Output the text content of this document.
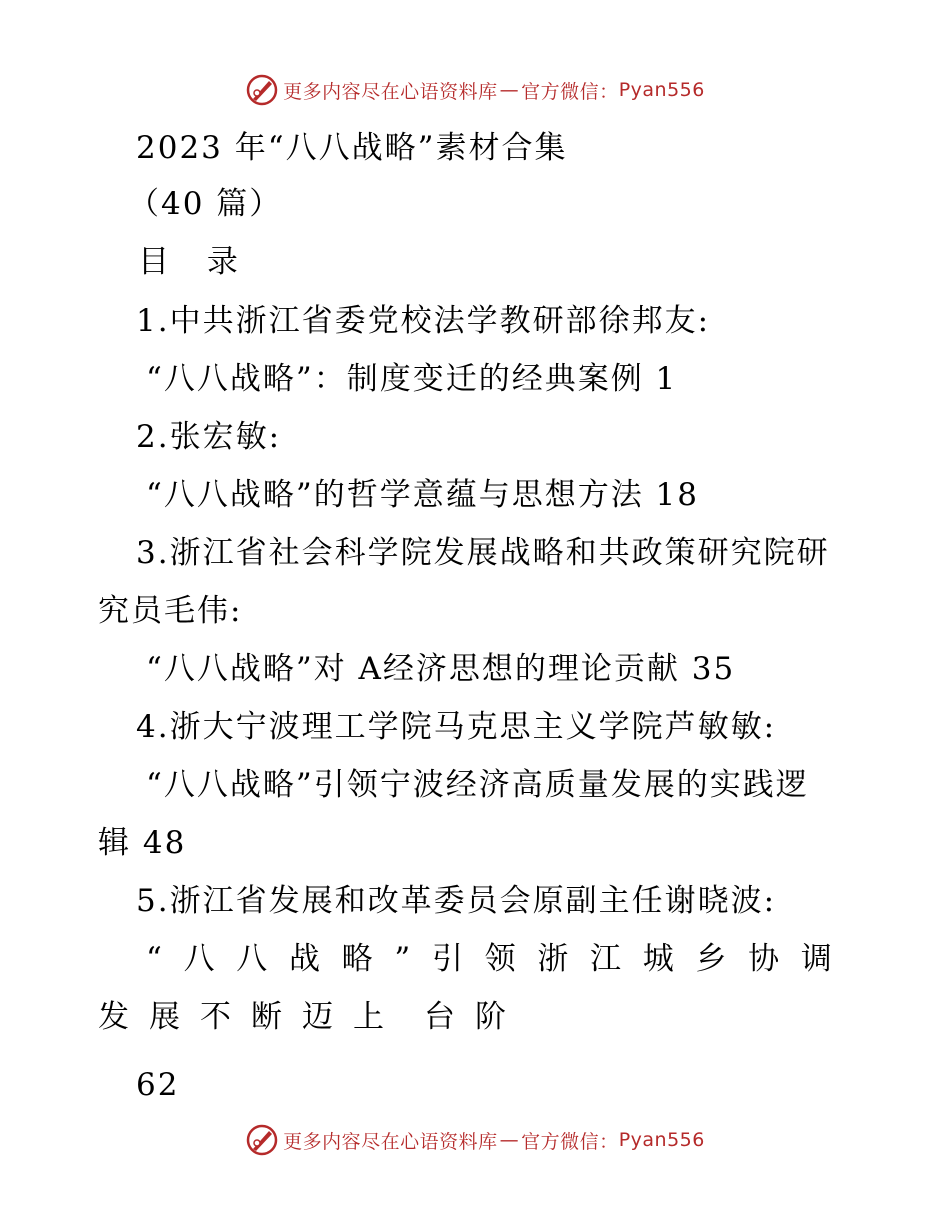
更多内容尽在心语资料库 — 官方微信： Pyan556
2023 年“八八战略”素材合集
（40 篇）
目 录
1.中共浙江省委党校法学教研部徐邦友:
“八八战略”：制度变迁的经典案例 1
2.张宏敏:
“八八战略”的哲学意蕴与思想方法 18
3.浙江省社会科学院发展战略和共政策研究院研
究员毛伟:
“八八战略”对 A经济思想的理论贡献 35
4.浙大宁波理工学院马克思主义学院芦敏敏:
“八八战略”引领宁波经济高质量发展的实践逻
辑 48
5.浙江省发展和改革委员会原副主任谢晓波:
“ 八 八 战 略 ” 引 领 浙 江 城 乡 协 调
发 展 不 断 迈 上 台 阶
62
更多内容尽在心语资料库 — 官方微信： Pyan556
